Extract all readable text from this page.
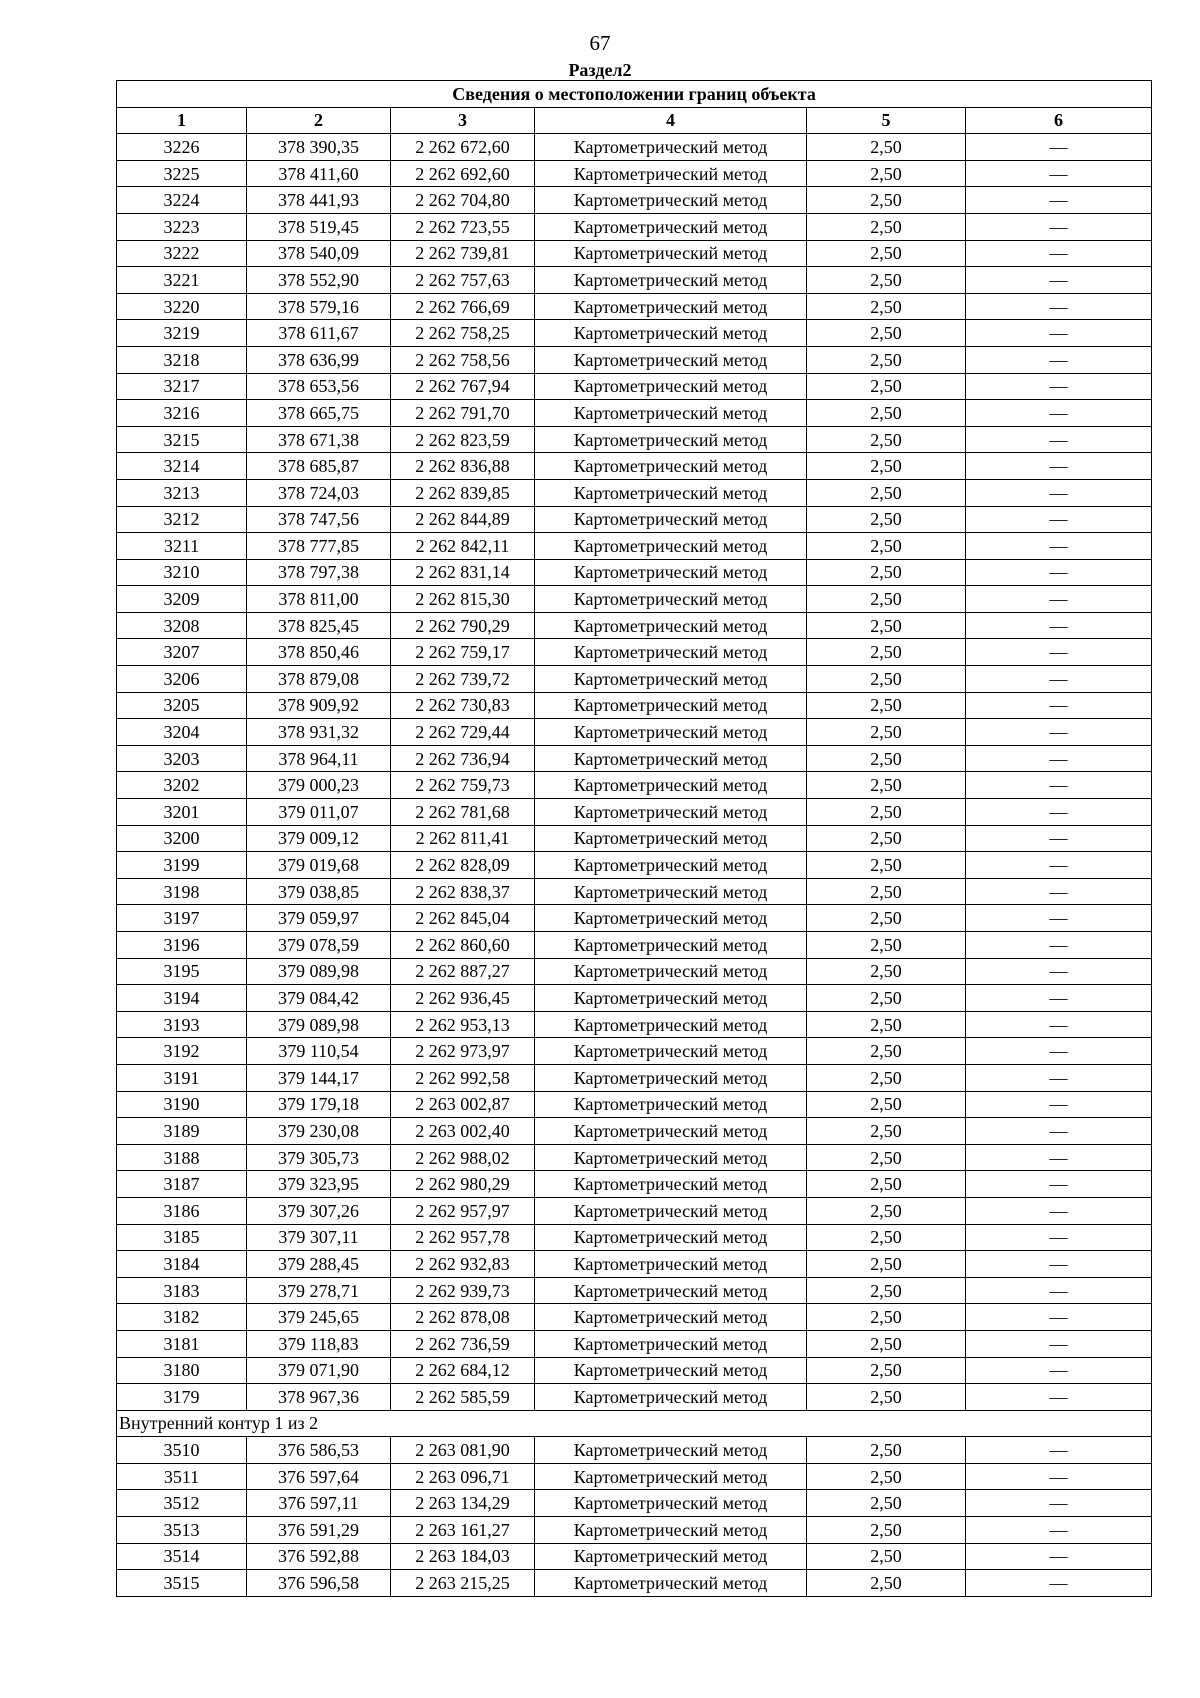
67
Раздел2
Сведения о местоположении границ объекта					
1	2	3	4	5	6
3226	378 390,35	2 262 672,60	Картометрический метод	2,50	—
3225	378 411,60	2 262 692,60	Картометрический метод	2,50	—
3224	378 441,93	2 262 704,80	Картометрический метод	2,50	—
3223	378 519,45	2 262 723,55	Картометрический метод	2,50	—
3222	378 540,09	2 262 739,81	Картометрический метод	2,50	—
3221	378 552,90	2 262 757,63	Картометрический метод	2,50	—
3220	378 579,16	2 262 766,69	Картометрический метод	2,50	—
3219	378 611,67	2 262 758,25	Картометрический метод	2,50	—
3218	378 636,99	2 262 758,56	Картометрический метод	2,50	—
3217	378 653,56	2 262 767,94	Картометрический метод	2,50	—
3216	378 665,75	2 262 791,70	Картометрический метод	2,50	—
3215	378 671,38	2 262 823,59	Картометрический метод	2,50	—
3214	378 685,87	2 262 836,88	Картометрический метод	2,50	—
3213	378 724,03	2 262 839,85	Картометрический метод	2,50	—
3212	378 747,56	2 262 844,89	Картометрический метод	2,50	—
3211	378 777,85	2 262 842,11	Картометрический метод	2,50	—
3210	378 797,38	2 262 831,14	Картометрический метод	2,50	—
3209	378 811,00	2 262 815,30	Картометрический метод	2,50	—
3208	378 825,45	2 262 790,29	Картометрический метод	2,50	—
3207	378 850,46	2 262 759,17	Картометрический метод	2,50	—
3206	378 879,08	2 262 739,72	Картометрический метод	2,50	—
3205	378 909,92	2 262 730,83	Картометрический метод	2,50	—
3204	378 931,32	2 262 729,44	Картометрический метод	2,50	—
3203	378 964,11	2 262 736,94	Картометрический метод	2,50	—
3202	379 000,23	2 262 759,73	Картометрический метод	2,50	—
3201	379 011,07	2 262 781,68	Картометрический метод	2,50	—
3200	379 009,12	2 262 811,41	Картометрический метод	2,50	—
3199	379 019,68	2 262 828,09	Картометрический метод	2,50	—
3198	379 038,85	2 262 838,37	Картометрический метод	2,50	—
3197	379 059,97	2 262 845,04	Картометрический метод	2,50	—
3196	379 078,59	2 262 860,60	Картометрический метод	2,50	—
3195	379 089,98	2 262 887,27	Картометрический метод	2,50	—
3194	379 084,42	2 262 936,45	Картометрический метод	2,50	—
3193	379 089,98	2 262 953,13	Картометрический метод	2,50	—
3192	379 110,54	2 262 973,97	Картометрический метод	2,50	—
3191	379 144,17	2 262 992,58	Картометрический метод	2,50	—
3190	379 179,18	2 263 002,87	Картометрический метод	2,50	—
3189	379 230,08	2 263 002,40	Картометрический метод	2,50	—
3188	379 305,73	2 262 988,02	Картометрический метод	2,50	—
3187	379 323,95	2 262 980,29	Картометрический метод	2,50	—
3186	379 307,26	2 262 957,97	Картометрический метод	2,50	—
3185	379 307,11	2 262 957,78	Картометрический метод	2,50	—
3184	379 288,45	2 262 932,83	Картометрический метод	2,50	—
3183	379 278,71	2 262 939,73	Картометрический метод	2,50	—
3182	379 245,65	2 262 878,08	Картометрический метод	2,50	—
3181	379 118,83	2 262 736,59	Картометрический метод	2,50	—
3180	379 071,90	2 262 684,12	Картометрический метод	2,50	—
3179	378 967,36	2 262 585,59	Картометрический метод	2,50	—
Внутренний контур 1 из 2					
3510	376 586,53	2 263 081,90	Картометрический метод	2,50	—
3511	376 597,64	2 263 096,71	Картометрический метод	2,50	—
3512	376 597,11	2 263 134,29	Картометрический метод	2,50	—
3513	376 591,29	2 263 161,27	Картометрический метод	2,50	—
3514	376 592,88	2 263 184,03	Картометрический метод	2,50	—
3515	376 596,58	2 263 215,25	Картометрический метод	2,50	—
